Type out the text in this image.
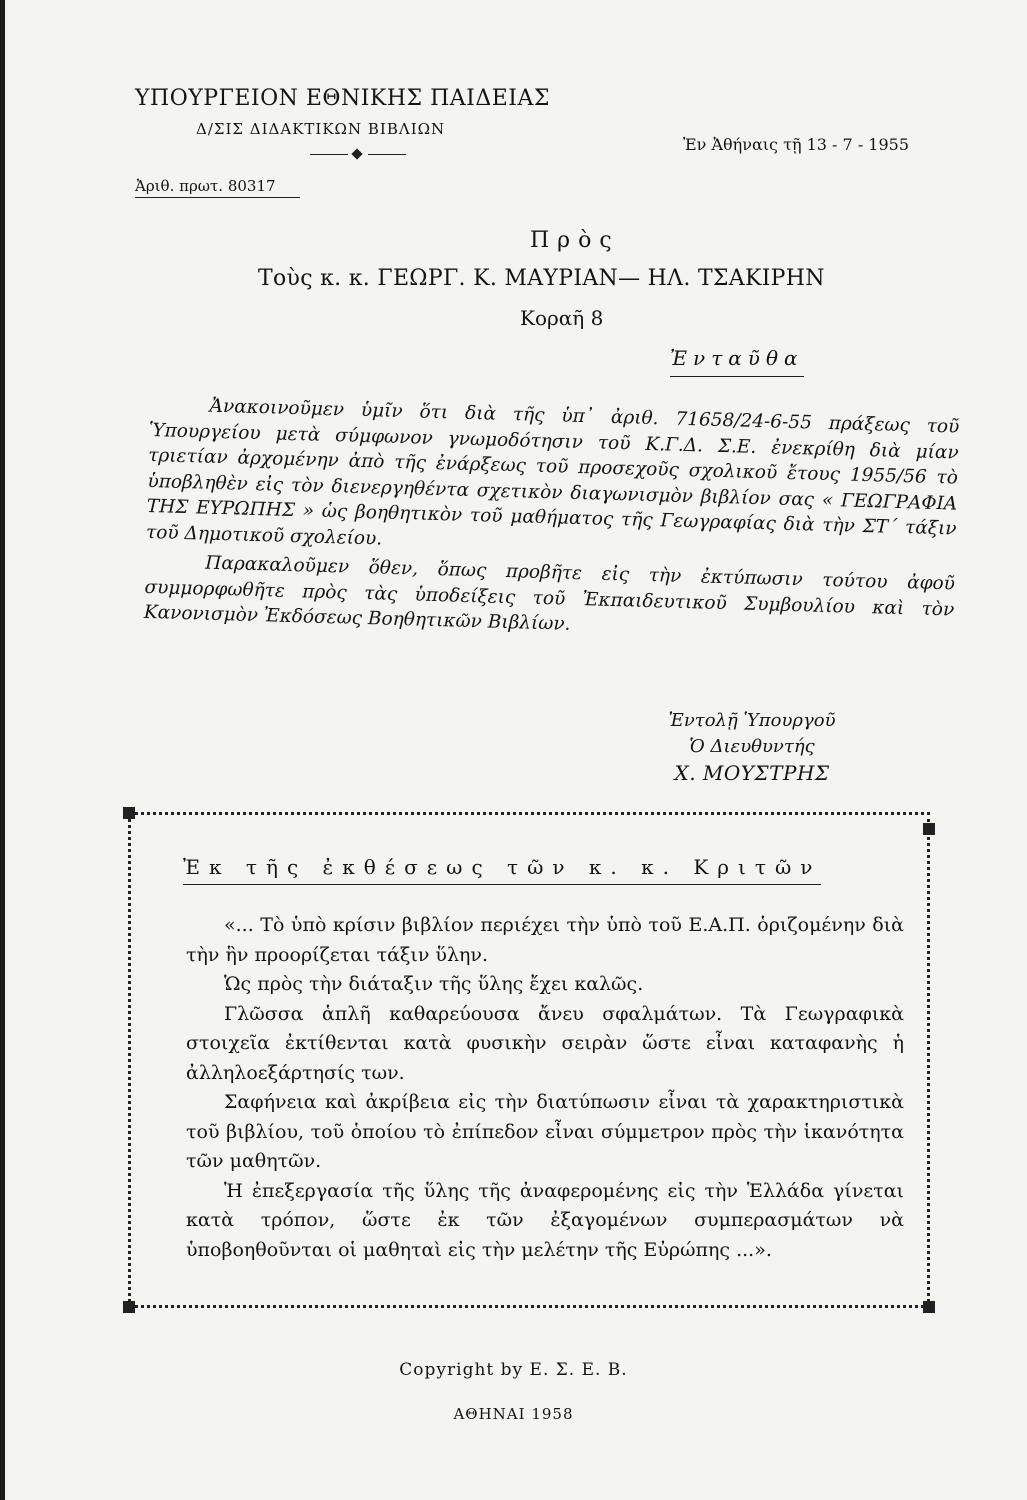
ΥΠΟΥΡΓΕΙΟΝ ΕΘΝΙΚΗΣ ΠΑΙΔΕΙΑΣ
Δ/ΣΙΣ ΔΙΔΑΚΤΙΚΩΝ ΒΙΒΛΙΩΝ
Ἀριθ. πρωτ. 80317
Ἐν Ἀθήναις τῇ 13 - 7 - 1955
Πρὸς
Τοὺς κ. κ. ΓΕΩΡΓ. Κ. ΜΑΥΡΙΑΝ— ΗΛ. ΤΣΑΚΙΡΗΝ
Κοραῆ 8
Ἐνταῦθα

Ἀνακοινοῦμεν ὑμῖν ὅτι διὰ τῆς ὑπ᾽ ἀριθ. 71658/24-6-55 πράξεως τοῦ Ὑπουργείου μετὰ σύμφωνον γνωμοδότησιν τοῦ Κ.Γ.Δ. Σ.Ε. ἐνεκρίθη διὰ μίαν τριετίαν ἀρχομένην ἀπὸ τῆς ἐνάρξεως τοῦ προσεχοῦς σχολικοῦ ἔτους 1955/56 τὸ ὑποβληθὲν εἰς τὸν διενεργηθέντα σχετικὸν διαγωνισμὸν βιβλίον σας « ΓΕΩΓΡΑΦΙΑ ΤΗΣ ΕΥΡΩΠΗΣ » ὡς βοηθητικὸν τοῦ μαθήματος τῆς Γεωγραφίας διὰ τὴν ΣΤ´ τάξιν τοῦ Δημοτικοῦ σχολείου.

Παρακαλοῦμεν ὅθεν, ὅπως προβῆτε εἰς τὴν ἐκτύπωσιν τούτου ἀφοῦ συμμορφωθῆτε πρὸς τὰς ὑποδείξεις τοῦ Ἐκπαιδευτικοῦ Συμβουλίου καὶ τὸν Κανονισμὸν Ἐκδόσεως Βοηθητικῶν Βιβλίων.

Ἐντολῇ Ὑπουργοῦ
Ὁ Διευθυντής
Χ. ΜΟΥΣΤΡΗΣ
Ἐκ τῆς ἐκθέσεως τῶν κ. κ. Κριτῶν

«... Τὸ ὑπὸ κρίσιν βιβλίον περιέχει τὴν ὑπὸ τοῦ Ε.Α.Π. ὁριζομένην διὰ τὴν ἣν προορίζεται τάξιν ὕλην.

Ὡς πρὸς τὴν διάταξιν τῆς ὕλης ἔχει καλῶς.

Γλῶσσα ἁπλῆ καθαρεύουσα ἄνευ σφαλμάτων. Τὰ Γεωγραφικὰ στοιχεῖα ἐκτίθενται κατὰ φυσικὴν σειρὰν ὥστε εἶναι καταφανὴς ἡ ἀλληλοεξάρτησίς των.

Σαφήνεια καὶ ἀκρίβεια εἰς τὴν διατύπωσιν εἶναι τὰ χαρακτηριστικὰ τοῦ βιβλίου, τοῦ ὁποίου τὸ ἐπίπεδον εἶναι σύμμετρον πρὸς τὴν ἱκανότητα τῶν μαθητῶν.

Ἡ ἐπεξεργασία τῆς ὕλης τῆς ἀναφερομένης εἰς τὴν Ἑλλάδα γίνεται κατὰ τρόπον, ὥστε ἐκ τῶν ἐξαγομένων συμπερασμάτων νὰ ὑποβοηθοῦνται οἱ μαθηταὶ εἰς τὴν μελέτην τῆς Εὐρώπης ...».

Copyright by Ε. Σ. Ε. Β.
ΑΘΗΝΑΙ 1958
